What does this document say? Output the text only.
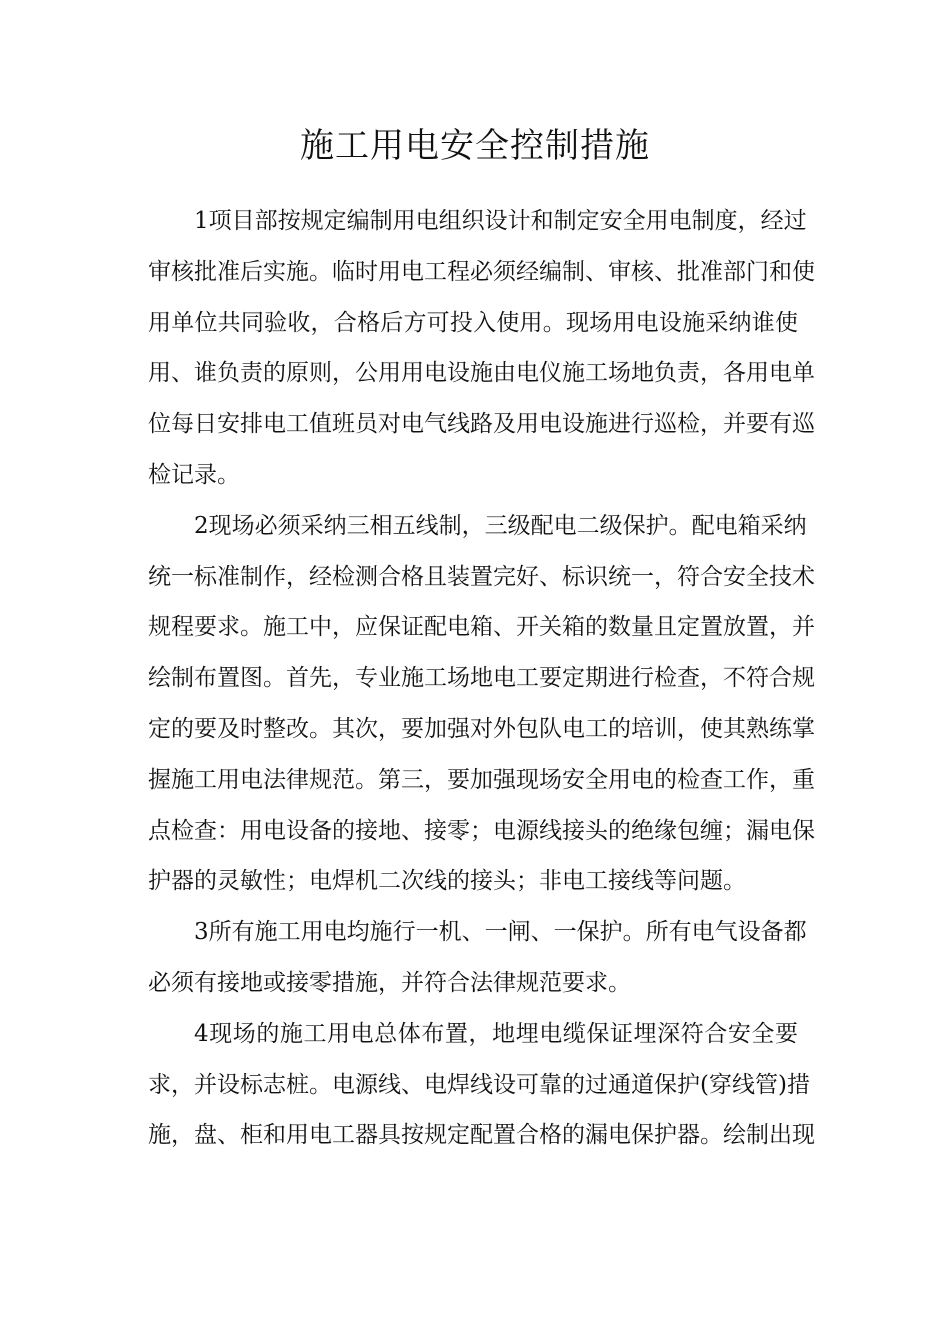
施工用电安全控制措施
1项目部按规定编制用电组织设计和制定安全用电制度，经过
审核批准后实施。临时用电工程必须经编制、审核、批准部门和使
用单位共同验收，合格后方可投入使用。现场用电设施采纳谁使
用、谁负责的原则，公用用电设施由电仪施工场地负责，各用电单
位每日安排电工值班员对电气线路及用电设施进行巡检，并要有巡
检记录。
2现场必须采纳三相五线制，三级配电二级保护。配电箱采纳
统一标准制作，经检测合格且装置完好、标识统一，符合安全技术
规程要求。施工中，应保证配电箱、开关箱的数量且定置放置，并
绘制布置图。首先，专业施工场地电工要定期进行检查，不符合规
定的要及时整改。其次，要加强对外包队电工的培训，使其熟练掌
握施工用电法律规范。第三，要加强现场安全用电的检查工作，重
点检查：用电设备的接地、接零；电源线接头的绝缘包缠；漏电保
护器的灵敏性；电焊机二次线的接头；非电工接线等问题。
3所有施工用电均施行一机、一闸、一保护。所有电气设备都
必须有接地或接零措施，并符合法律规范要求。
4现场的施工用电总体布置，地埋电缆保证埋深符合安全要
求，并设标志桩。电源线、电焊线设可靠的过通道保护(穿线管)措
施，盘、柜和用电工器具按规定配置合格的漏电保护器。绘制出现
